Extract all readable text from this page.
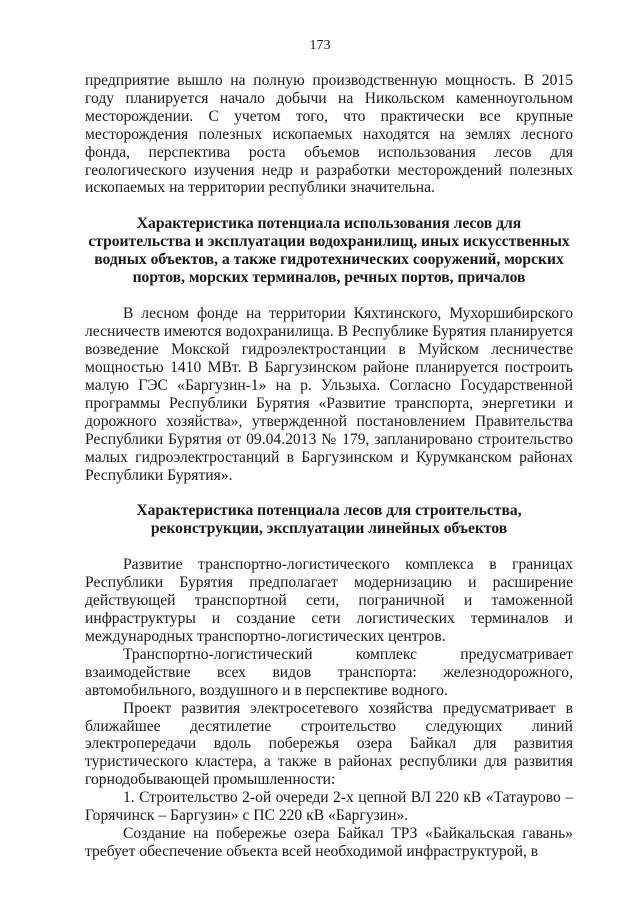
173

предприятие вышло на полную производственную мощность. В 2015 году планируется начало добычи на Никольском каменноугольном месторождении. С учетом того, что практически все крупные месторождения полезных ископаемых находятся на землях лесного фонда, перспектива роста объемов использования лесов для геологического изучения недр и разработки месторождений полезных ископаемых на территории республики значительна.

Характеристика потенциала использования лесов для строительства и эксплуатации водохранилищ, иных искусственных водных объектов, а также гидротехнических сооружений, морских портов, морских терминалов, речных портов, причалов

В лесном фонде на территории Кяхтинского, Мухоршибирского лесничеств имеются водохранилища. В Республике Бурятия планируется возведение Мокской гидроэлектростанции в Муйском лесничестве мощностью 1410 МВт. В Баргузинском районе планируется построить малую ГЭС «Баргузин-1» на р. Ульзыха. Согласно Государственной программы Республики Бурятия «Развитие транспорта, энергетики и дорожного хозяйства», утвержденной постановлением Правительства Республики Бурятия от 09.04.2013 № 179, запланировано строительство малых гидроэлектростанций в Баргузинском и Курумканском районах Республики Бурятия».

Характеристика потенциала лесов для строительства, реконструкции, эксплуатации линейных объектов

Развитие транспортно-логистического комплекса в границах Республики Бурятия предполагает модернизацию и расширение действующей транспортной сети, пограничной и таможенной инфраструктуры и создание сети логистических терминалов и международных транспортно-логистических центров.

Транспортно-логистический комплекс предусматривает взаимодействие всех видов транспорта: железнодорожного, автомобильного, воздушного и в перспективе водного.

Проект развития электросетевого хозяйства предусматривает в ближайшее десятилетие строительство следующих линий электропередачи вдоль побережья озера Байкал для развития туристического кластера, а также в районах республики для развития горнодобывающей промышленности:

1. Строительство 2-ой очереди 2-х цепной ВЛ 220 кВ «Татаурово – Горячинск – Баргузин» с ПС 220 кВ «Баргузин».

Создание на побережье озера Байкал ТРЗ «Байкальская гавань» требует обеспечение объекта всей необходимой инфраструктурой, в
